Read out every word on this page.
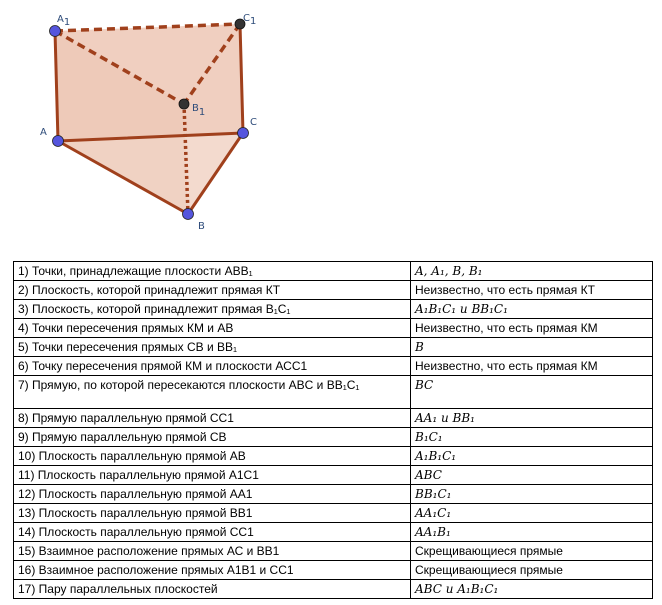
A1	C1
B1
A
C
B
1) Точки, принадлежащие плоскости ABB₁	A, A₁, B, B₁
2) Плоскость, которой принадлежит прямая КТ	Неизвестно, что есть прямая КТ
3) Плоскость, которой принадлежит прямая B₁C₁	A₁B₁C₁ и BB₁C₁
4) Точки пересечения прямых КМ и АВ	Неизвестно, что есть прямая КМ
5) Точки пересечения прямых CB и BB₁	B
6) Точку пересечения прямой КМ и плоскости АСС1	Неизвестно, что есть прямая КМ
7) Прямую, по которой пересекаются плоскости ABC и BB₁C₁	BC
8) Прямую параллельную прямой СС1	AA₁ и BB₁
9) Прямую параллельную прямой CB	B₁C₁
10) Плоскость параллельную прямой АВ	A₁B₁C₁
11) Плоскость параллельную прямой А1С1	ABC
12) Плоскость параллельную прямой АА1	BB₁C₁
13) Плоскость параллельную прямой ВВ1	AA₁C₁
14) Плоскость параллельную прямой СС1	AA₁B₁
15) Взаимное расположение прямых АС и ВВ1	Скрещивающиеся прямые
16) Взаимное расположение прямых А1В1 и СС1	Скрещивающиеся прямые
17) Пару параллельных плоскостей	ABC и A₁B₁C₁
